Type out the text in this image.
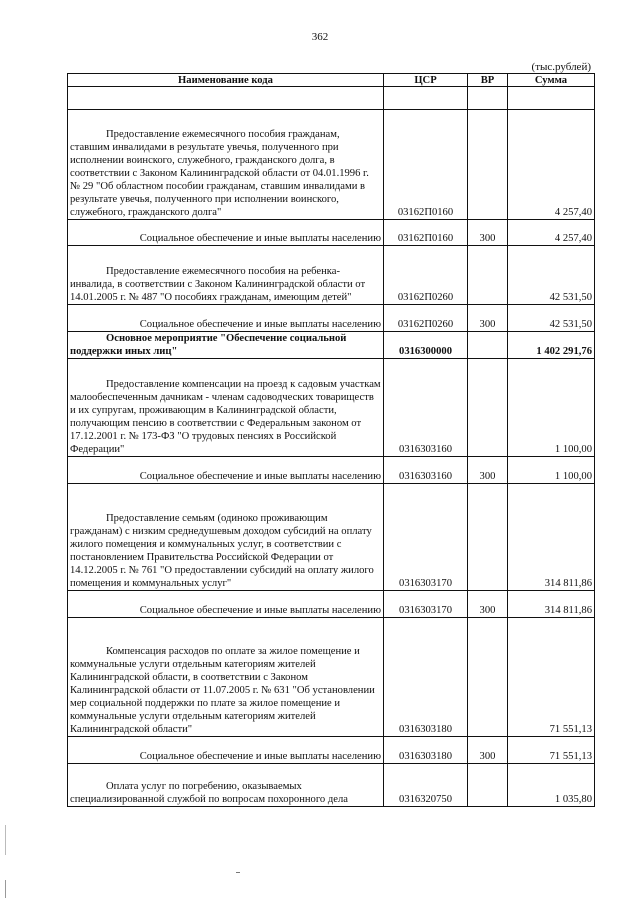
362
(тыс.рублей)
Наименование кода	ЦСР	ВР	Сумма

Предоставление ежемесячного пособия гражданам, ставшим инвалидами в результате увечья, полученного при исполнении воинского, служебного, гражданского долга, в соответствии с Законом Калининградской области от 04.01.1996 г. № 29 "Об областном пособии гражданам, ставшим инвалидами в результате увечья, полученного при исполнении воинского, служебного, гражданского долга"	03162П0160		4 257,40
Социальное обеспечение и иные выплаты населению	03162П0160	300	4 257,40
Предоставление ежемесячного пособия на ребенка-инвалида, в соответствии с Законом Калининградской области от 14.01.2005 г. № 487 "О пособиях гражданам, имеющим детей"	03162П0260		42 531,50
Социальное обеспечение и иные выплаты населению	03162П0260	300	42 531,50
Основное мероприятие "Обеспечение социальной поддержки иных лиц"	0316300000		1 402 291,76
Предоставление компенсации на проезд к садовым участкам малообеспеченным дачникам - членам садоводческих товариществ и их супругам, проживающим в Калининградской области, получающим пенсию в соответствии с Федеральным законом от 17.12.2001 г. № 173-ФЗ "О трудовых пенсиях в Российской Федерации"	0316303160		1 100,00
Социальное обеспечение и иные выплаты населению	0316303160	300	1 100,00
Предоставление семьям (одиноко проживающим гражданам) с низким среднедушевым доходом субсидий на оплату жилого помещения и коммунальных услуг, в соответствии с постановлением Правительства Российской Федерации от 14.12.2005 г. № 761 "О предоставлении субсидий на оплату жилого помещения и коммунальных услуг"	0316303170		314 811,86
Социальное обеспечение и иные выплаты населению	0316303170	300	314 811,86
Компенсация расходов по оплате за жилое помещение и коммунальные услуги отдельным категориям жителей Калининградской области, в соответствии с Законом Калининградской области от 11.07.2005 г. № 631 "Об установлении мер социальной поддержки по плате за жилое помещение и коммунальные услуги отдельным категориям жителей Калининградской области"	0316303180		71 551,13
Социальное обеспечение и иные выплаты населению	0316303180	300	71 551,13
Оплата услуг по погребению, оказываемых специализированной службой по вопросам похоронного дела	0316320750		1 035,80
